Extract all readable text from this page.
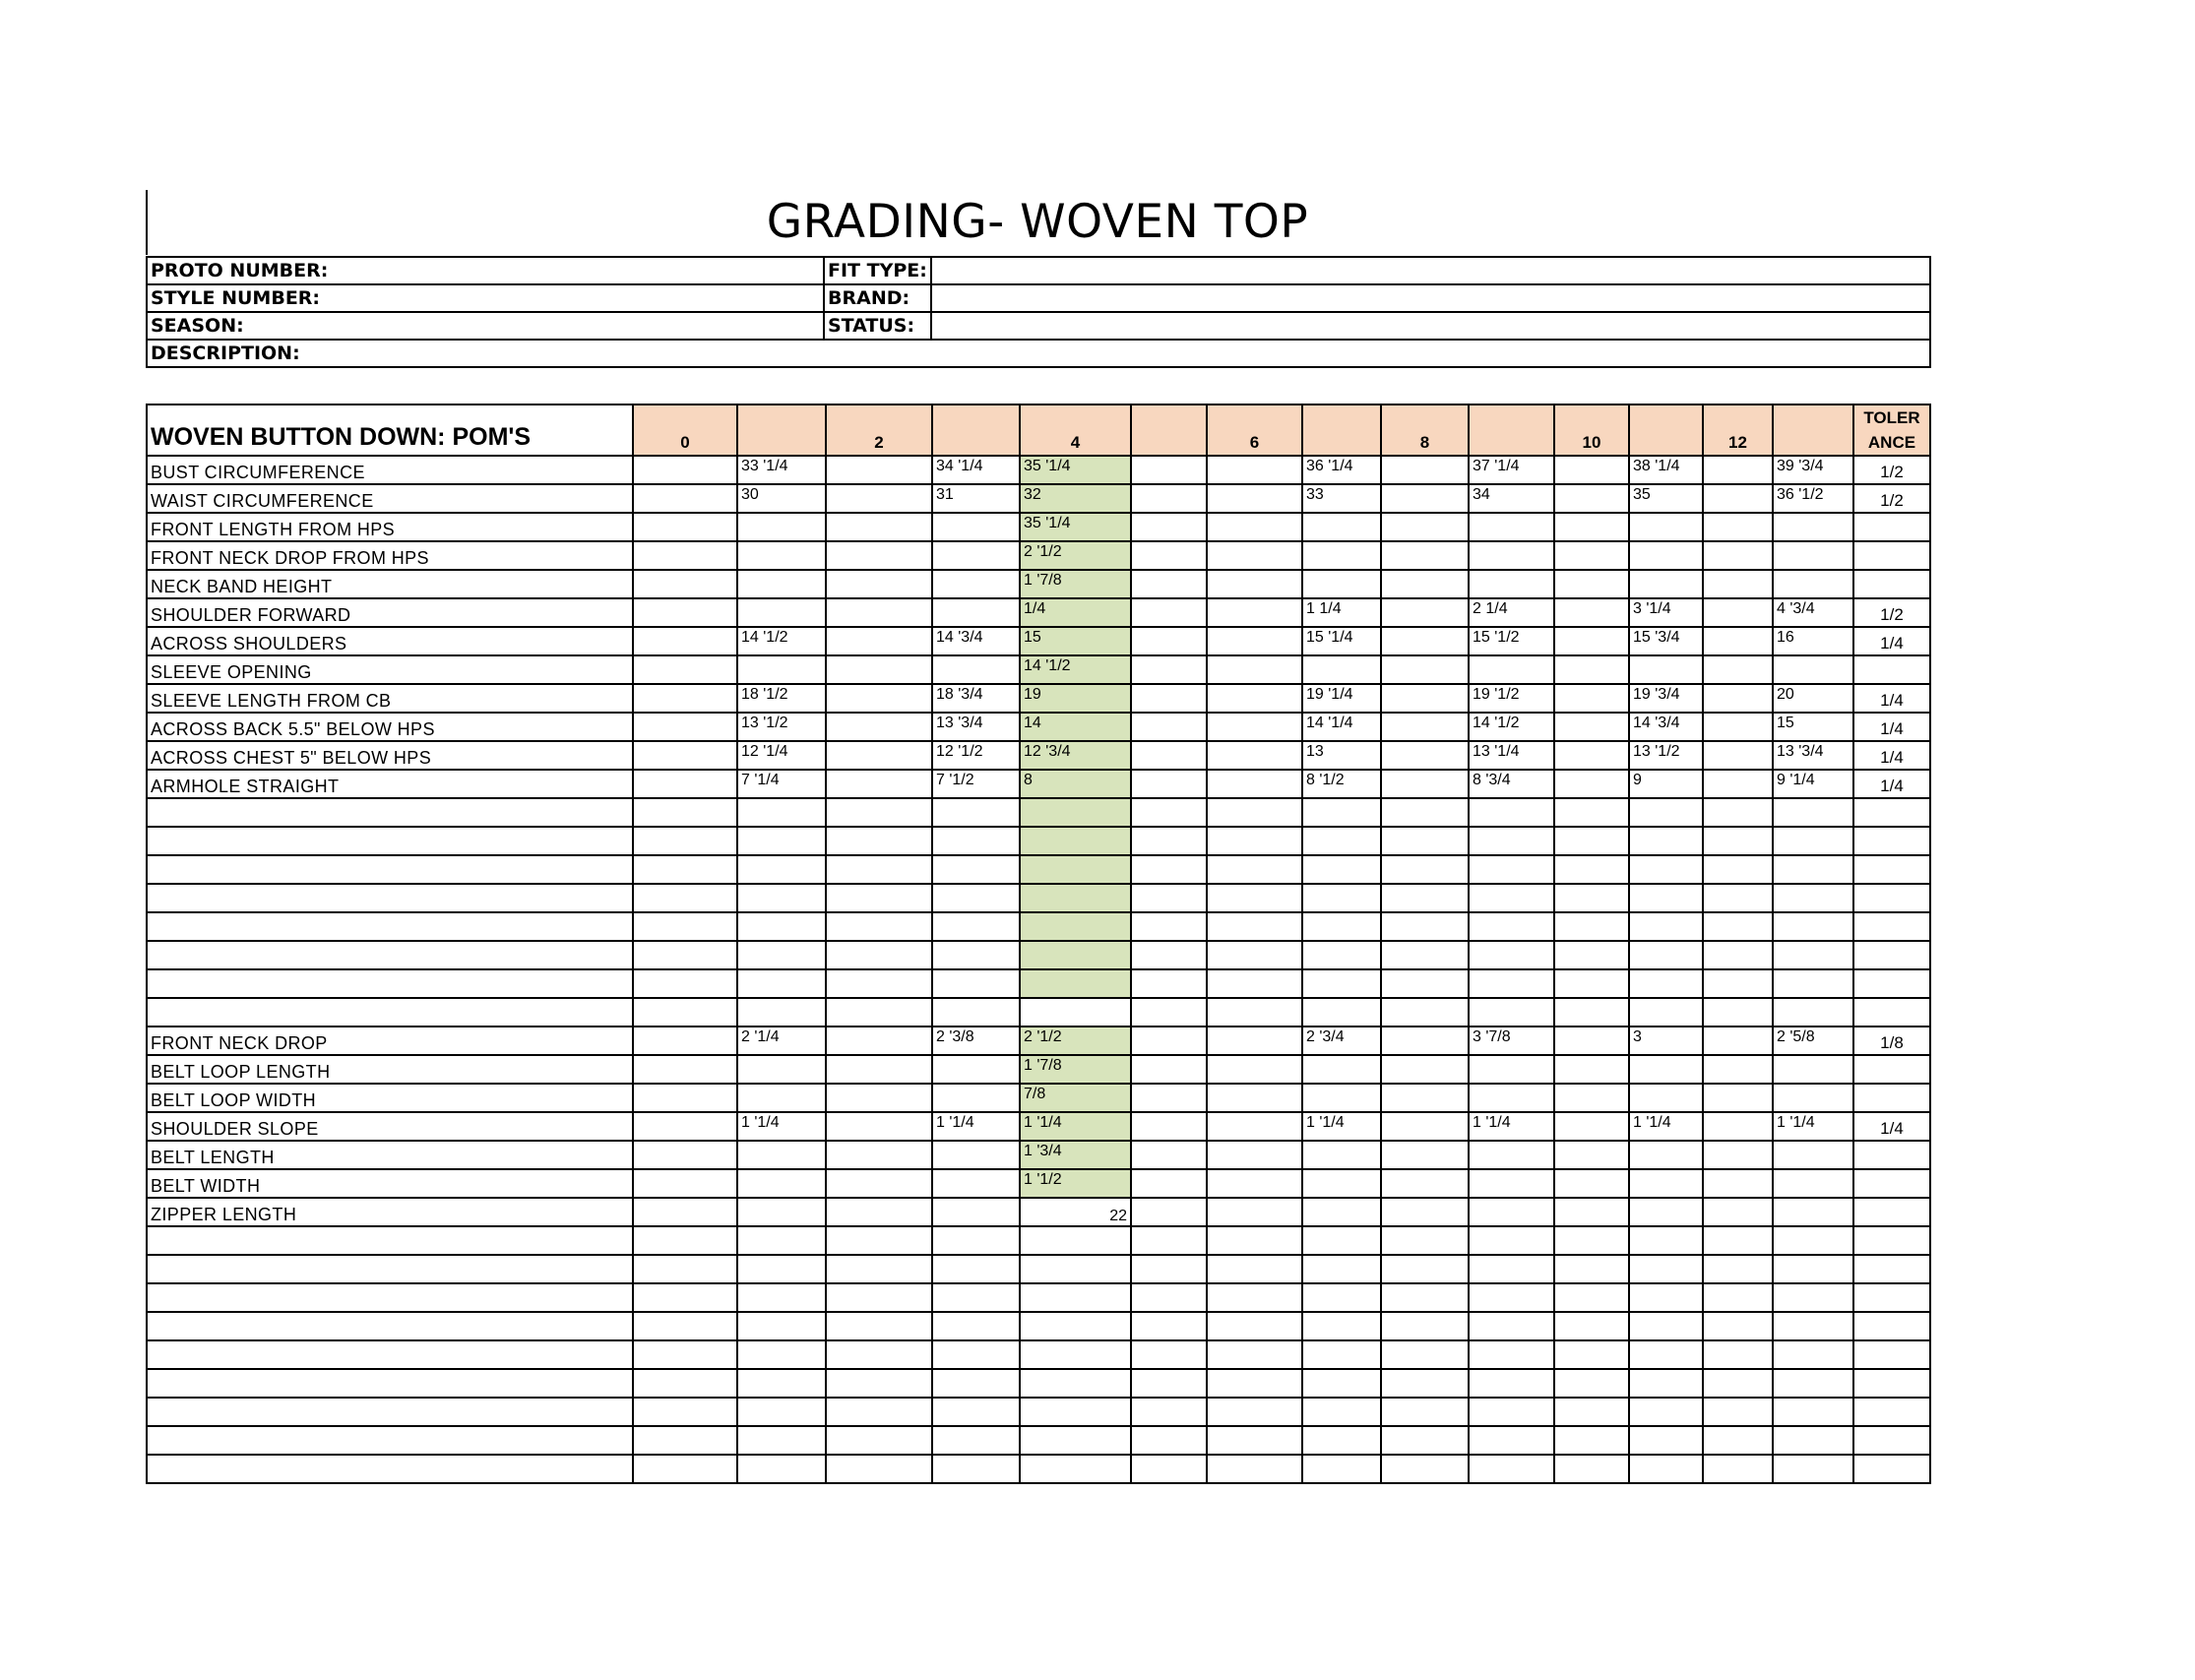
GRADING- WOVEN TOP
PROTO NUMBER:	FIT TYPE:	
STYLE NUMBER:	BRAND:	
SEASON:	STATUS:	
DESCRIPTION:		
WOVEN BUTTON DOWN: POM'S	0		2		4		6		8		10		12		TOLER
ANCE

BUST CIRCUMFERENCE		33 '1/4		34 '1/4	35 '1/4			36 '1/4		37 '1/4		38 '1/4		39 '3/4	1/2
WAIST CIRCUMFERENCE		30		31	32			33		34		35		36 '1/2	1/2
FRONT LENGTH FROM HPS					35 '1/4										
FRONT NECK DROP FROM HPS					2 '1/2										
NECK BAND HEIGHT					1 '7/8										
SHOULDER FORWARD					1/4			1 1/4		2 1/4		3 '1/4		4 '3/4	1/2
ACROSS SHOULDERS		14 '1/2		14 '3/4	15			15 '1/4		15 '1/2		15 '3/4		16	1/4
SLEEVE OPENING					14 '1/2										
SLEEVE LENGTH FROM CB		18 '1/2		18 '3/4	19			19 '1/4		19 '1/2		19 '3/4		20	1/4
ACROSS BACK 5.5" BELOW HPS		13 '1/2		13 '3/4	14			14 '1/4		14 '1/2		14 '3/4		15	1/4
ACROSS CHEST 5" BELOW HPS		12 '1/4		12 '1/2	12 '3/4			13		13 '1/4		13 '1/2		13 '3/4	1/4
ARMHOLE STRAIGHT		7 '1/4		7 '1/2	8			8 '1/2		8 '3/4		9		9 '1/4	1/4

FRONT NECK DROP		2 '1/4		2 '3/8	2 '1/2			2 '3/4		3 '7/8		3		2 '5/8	1/8
BELT LOOP LENGTH					1 '7/8										
BELT LOOP WIDTH					7/8										
SHOULDER SLOPE		1 '1/4		1 '1/4	1 '1/4			1 '1/4		1 '1/4		1 '1/4		1 '1/4	1/4
BELT LENGTH					1 '3/4										
BELT WIDTH					1 '1/2										
ZIPPER LENGTH					22										
